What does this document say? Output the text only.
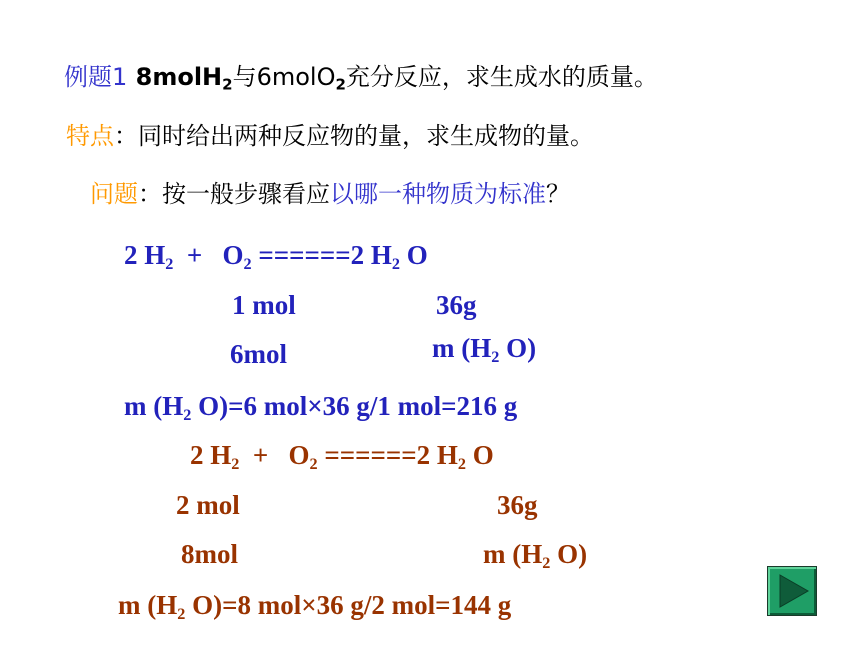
例题1 8molH$_2$与6molO$_2$充分反应，求生成水的质量。
特点：同时给出两种反应物的量，求生成物的量。
问题：按一般步骤看应以哪一种物质为标准？
2 $H_2 + O_2 ======2$ $H_2$ O
1 mol	36g
6mol	m ($H_2$ O)
m ($H_2$ O)=6 mol×36 g/1 mol=216 g
2 $H_2 + O_2 ======2$ $H_2$ O
2 mol	36g
8mol	m ($H_2$ O)
m ($H_2$ O)=8 mol×36 g/2 mol=144 g
